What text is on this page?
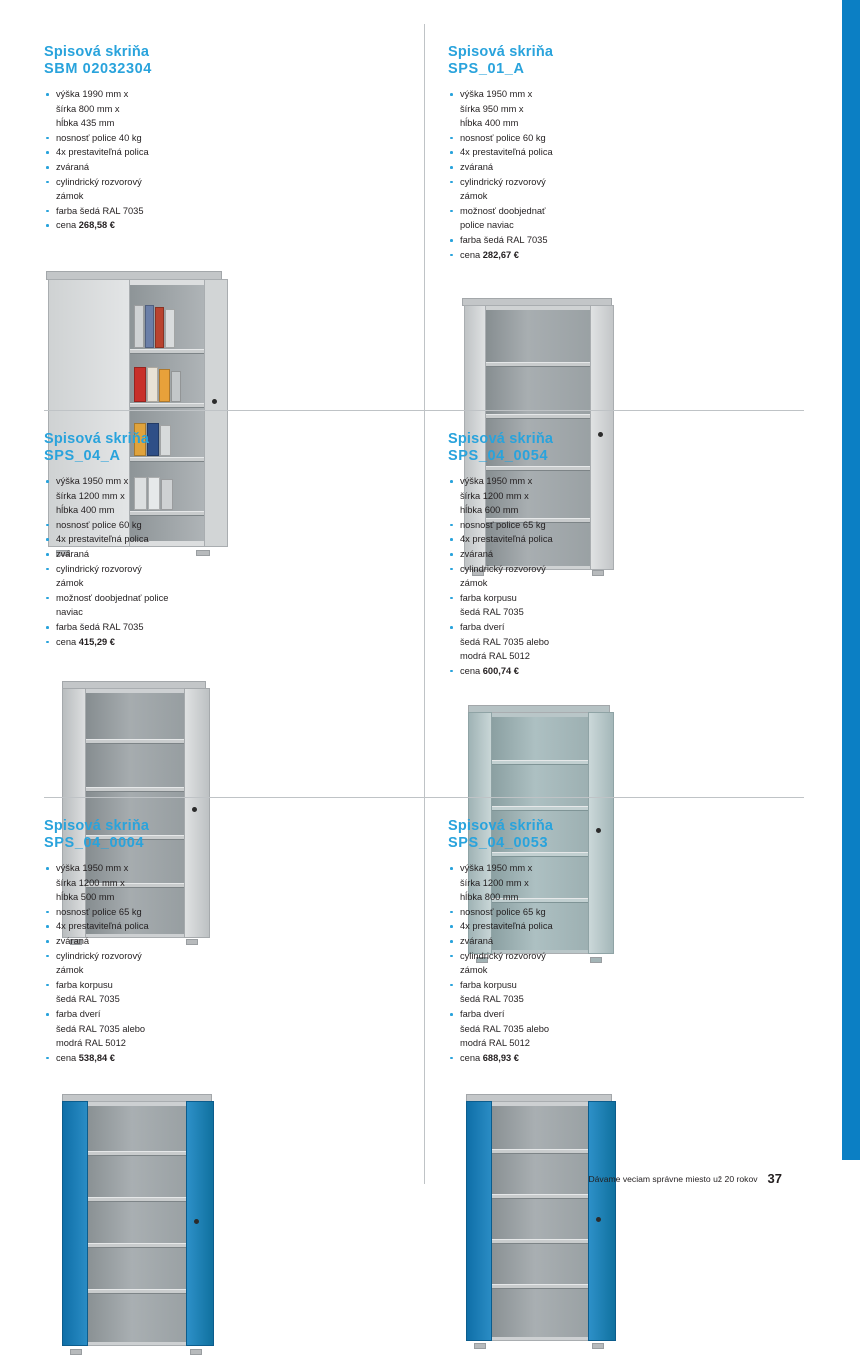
Spisová skriňa
SBM 02032304
výška 1990 mm x
šírka 800 mm x
hĺbka 435 mm
nosnosť police 40 kg
4x prestaviteľná polica
zváraná
cylindrický rozvorový
zámok
farba šedá RAL 7035
cena 268,58 €
Spisová skriňa
SPS_01_A
výška 1950 mm x
šírka 950 mm x
hĺbka 400 mm
nosnosť police 60 kg
4x prestaviteľná polica
zváraná
cylindrický rozvorový
zámok
možnosť doobjednať
police naviac
farba šedá RAL 7035
cena 282,67 €
Spisová skriňa
SPS_04_A
výška 1950 mm x
šírka 1200 mm x
hĺbka 400 mm
nosnosť police 60 kg
4x prestaviteľná polica
zváraná
cylindrický rozvorový
zámok
možnosť doobjednať police
naviac
farba šedá RAL 7035
cena 415,29 €
Spisová skriňa
SPS_04_0054
výška 1950 mm x
šírka 1200 mm x
hĺbka 600 mm
nosnosť police 65 kg
4x prestaviteľná polica
zváraná
cylindrický rozvorový
zámok
farba korpusu
šedá RAL 7035
farba dverí
šedá RAL 7035 alebo
modrá RAL 5012
cena 600,74 €
Spisová skriňa
SPS_04_0004
výška 1950 mm x
šírka 1200 mm x
hĺbka 500 mm
nosnosť police 65 kg
4x prestaviteľná polica
zváraná
cylindrický rozvorový
zámok
farba korpusu
šedá RAL 7035
farba dverí
šedá RAL 7035 alebo
modrá RAL 5012
cena 538,84 €
Spisová skriňa
SPS_04_0053
výška 1950 mm x
šírka 1200 mm x
hĺbka 800 mm
nosnosť police 65 kg
4x prestaviteľná polica
zváraná
cylindrický rozvorový
zámok
farba korpusu
šedá RAL 7035
farba dverí
šedá RAL 7035 alebo
modrá RAL 5012
cena 688,93 €
Dávame veciam správne miesto už 20 rokov 37
